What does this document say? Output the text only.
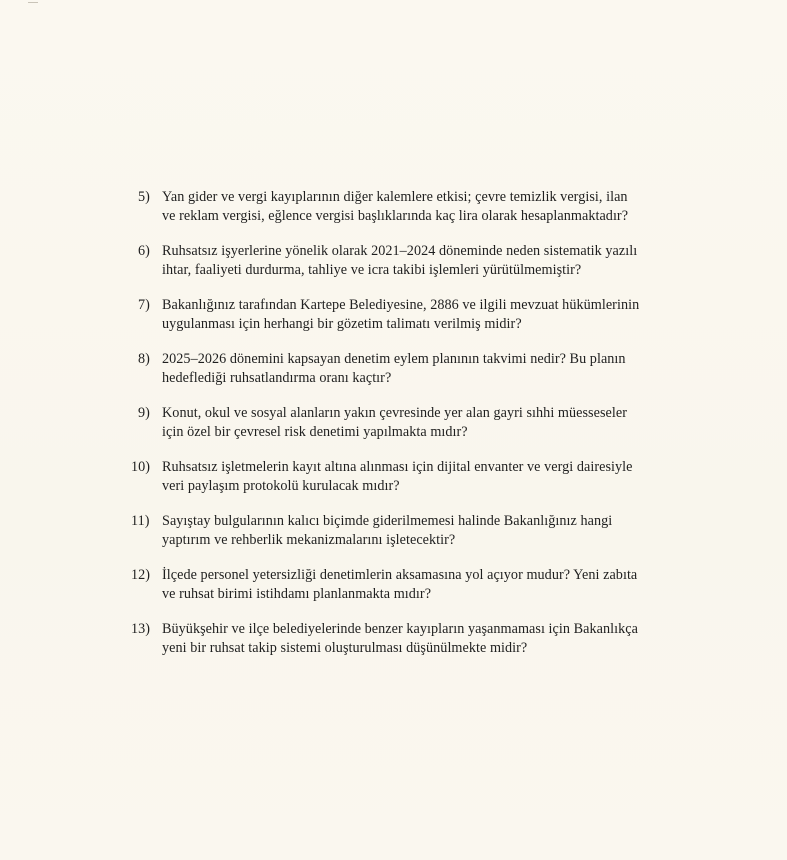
5) Yan gider ve vergi kayıplarının diğer kalemlere etkisi; çevre temizlik vergisi, ilan
ve reklam vergisi, eğlence vergisi başlıklarında kaç lira olarak hesaplanmaktadır?
6) Ruhsatsız işyerlerine yönelik olarak 2021–2024 döneminde neden sistematik yazılı
ihtar, faaliyeti durdurma, tahliye ve icra takibi işlemleri yürütülmemiştir?
7) Bakanlığınız tarafından Kartepe Belediyesine, 2886 ve ilgili mevzuat hükümlerinin
uygulanması için herhangi bir gözetim talimatı verilmiş midir?
8) 2025–2026 dönemini kapsayan denetim eylem planının takvimi nedir? Bu planın
hedeflediği ruhsatlandırma oranı kaçtır?
9) Konut, okul ve sosyal alanların yakın çevresinde yer alan gayri sıhhi müesseseler
için özel bir çevresel risk denetimi yapılmakta mıdır?
10) Ruhsatsız işletmelerin kayıt altına alınması için dijital envanter ve vergi dairesiyle
veri paylaşım protokolü kurulacak mıdır?
11) Sayıştay bulgularının kalıcı biçimde giderilmemesi halinde Bakanlığınız hangi
yaptırım ve rehberlik mekanizmalarını işletecektir?
12) İlçede personel yetersizliği denetimlerin aksamasına yol açıyor mudur? Yeni zabıta
ve ruhsat birimi istihdamı planlanmakta mıdır?
13) Büyükşehir ve ilçe belediyelerinde benzer kayıpların yaşanmaması için Bakanlıkça
yeni bir ruhsat takip sistemi oluşturulması düşünülmekte midir?
